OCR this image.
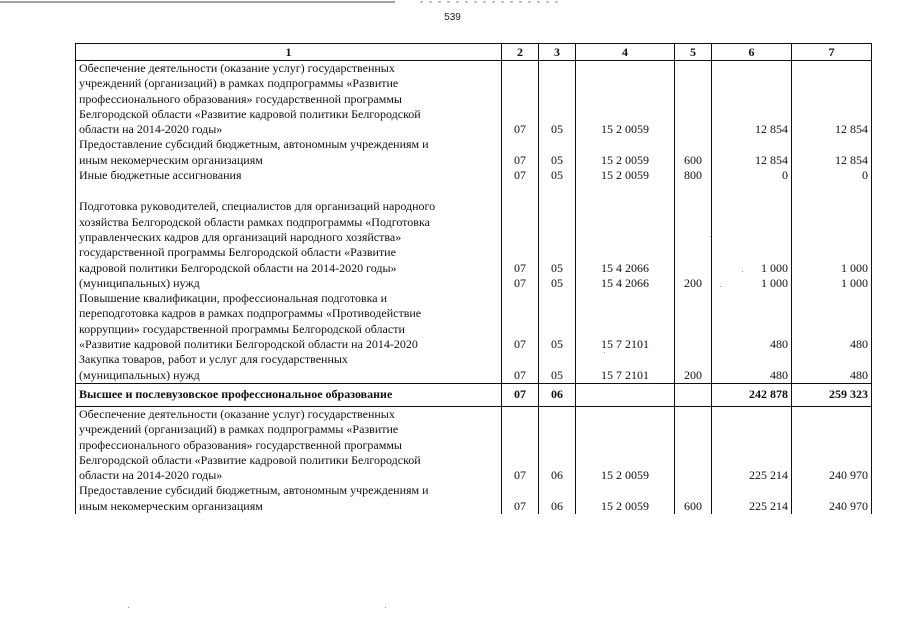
539
1	2	3	4	5	6	7

Обеспечение деятельности (оказание услуг) государственных
учреждений (организаций) в рамках подпрограммы «Развитие
профессионального образования» государственной программы
Белгородской области «Развитие кадровой политики Белгородской
области на 2014-2020 годы»	07	05	15 2 0059		12 854	12 854

Предоставление субсидий бюджетным, автономным учреждениям и
иным некомерческим организациям	07	05	15 2 0059	600	12 854	12 854

Иные бюджетные ассигнования	07	05	15 2 0059	800	0	0

Подготовка руководителей, специалистов для организаций народного
хозяйства Белгородской области рамках подпрограммы «Подготовка
управленческих кадров для организаций народного хозяйства»
государственной программы Белгородской области «Развитие
кадровой политики Белгородской области на 2014-2020 годы»	07	05	15 4 2066		1 000	1 000

(муниципальных) нужд	07	05	15 4 2066	200	1 000	1 000

Повышение квалификации, профессиональная подготовка и
переподготовка кадров в рамках подпрограммы «Противодействие
коррупции» государственной программы Белгородской области
«Развитие кадровой политики Белгородской области на 2014-2020	07	05	15 7 2101		480	480

Закупка товаров, работ и услуг для государственных
(муниципальных) нужд	07	05	15 7 2101	200	480	480

Высшее и послевузовское профессиональное образование	07	06			242 878	259 323

Обеспечение деятельности (оказание услуг) государственных
учреждений (организаций) в рамках подпрограммы «Развитие
профессионального образования» государственной программы
Белгородской области «Развитие кадровой политики Белгородской
области на 2014-2020 годы»	07	06	15 2 0059		225 214	240 970

Предоставление субсидий бюджетным, автономным учреждениям и
иным некомерческим организациям	07	06	15 2 0059	600	225 214	240 970
